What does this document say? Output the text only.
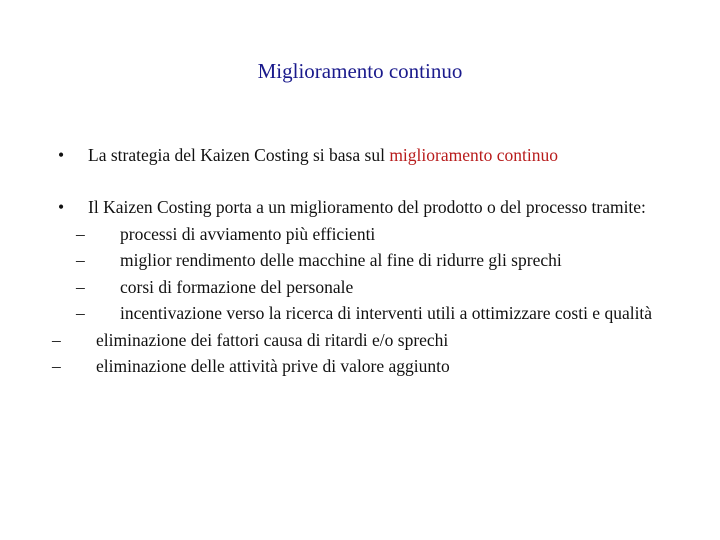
Miglioramento continuo
• La strategia del Kaizen Costing si basa sul miglioramento continuo
• Il Kaizen Costing porta a un miglioramento del prodotto o del processo tramite:
– processi di avviamento più efficienti
– miglior rendimento delle macchine al fine di ridurre gli sprechi
– corsi di formazione del personale
– incentivazione verso la ricerca di interventi utili a ottimizzare costi e qualità
– eliminazione dei fattori causa di ritardi e/o sprechi
– eliminazione delle attività prive di valore aggiunto
